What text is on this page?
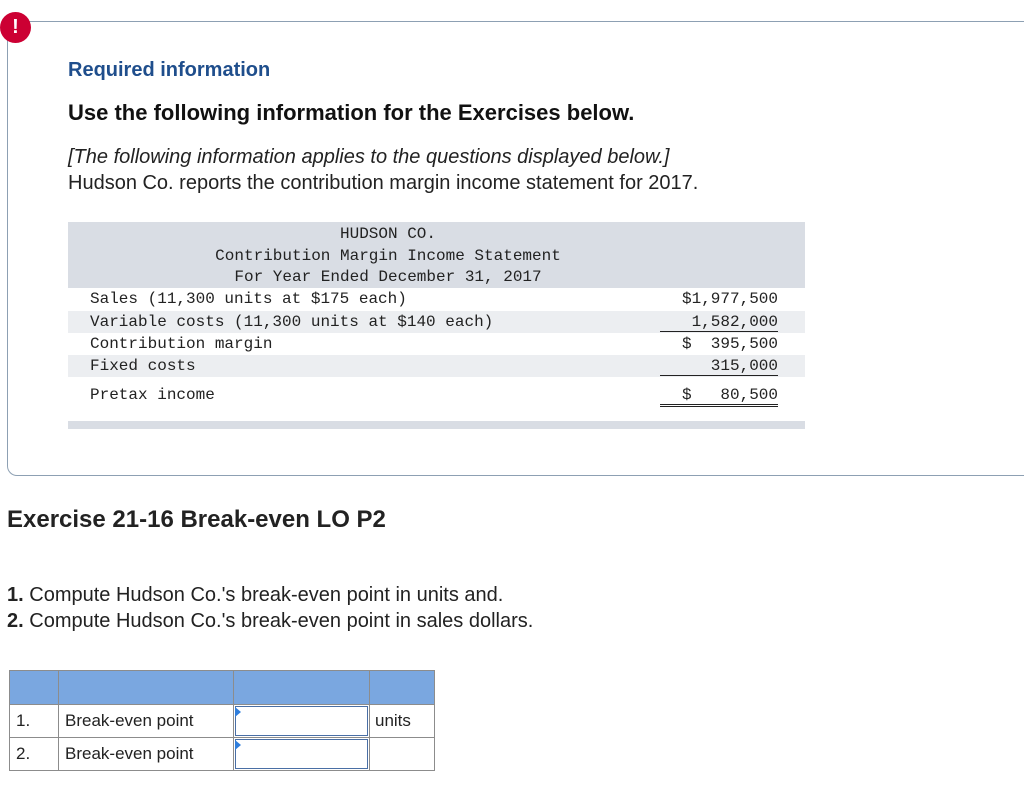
!
Required information
Use the following information for the Exercises below.
[The following information applies to the questions displayed below.]
Hudson Co. reports the contribution margin income statement for 2017.
HUDSON CO.
Contribution Margin Income Statement
For Year Ended December 31, 2017
Sales (11,300 units at $175 each)	$1,977,500
Variable costs (11,300 units at $140 each)	1,582,000
Contribution margin	$  395,500
Fixed costs	315,000
Pretax income	$   80,500
Exercise 21-16 Break-even LO P2
1. Compute Hudson Co.'s break-even point in units and.
2. Compute Hudson Co.'s break-even point in sales dollars.

1.	Break-even point		units
2.	Break-even point	
